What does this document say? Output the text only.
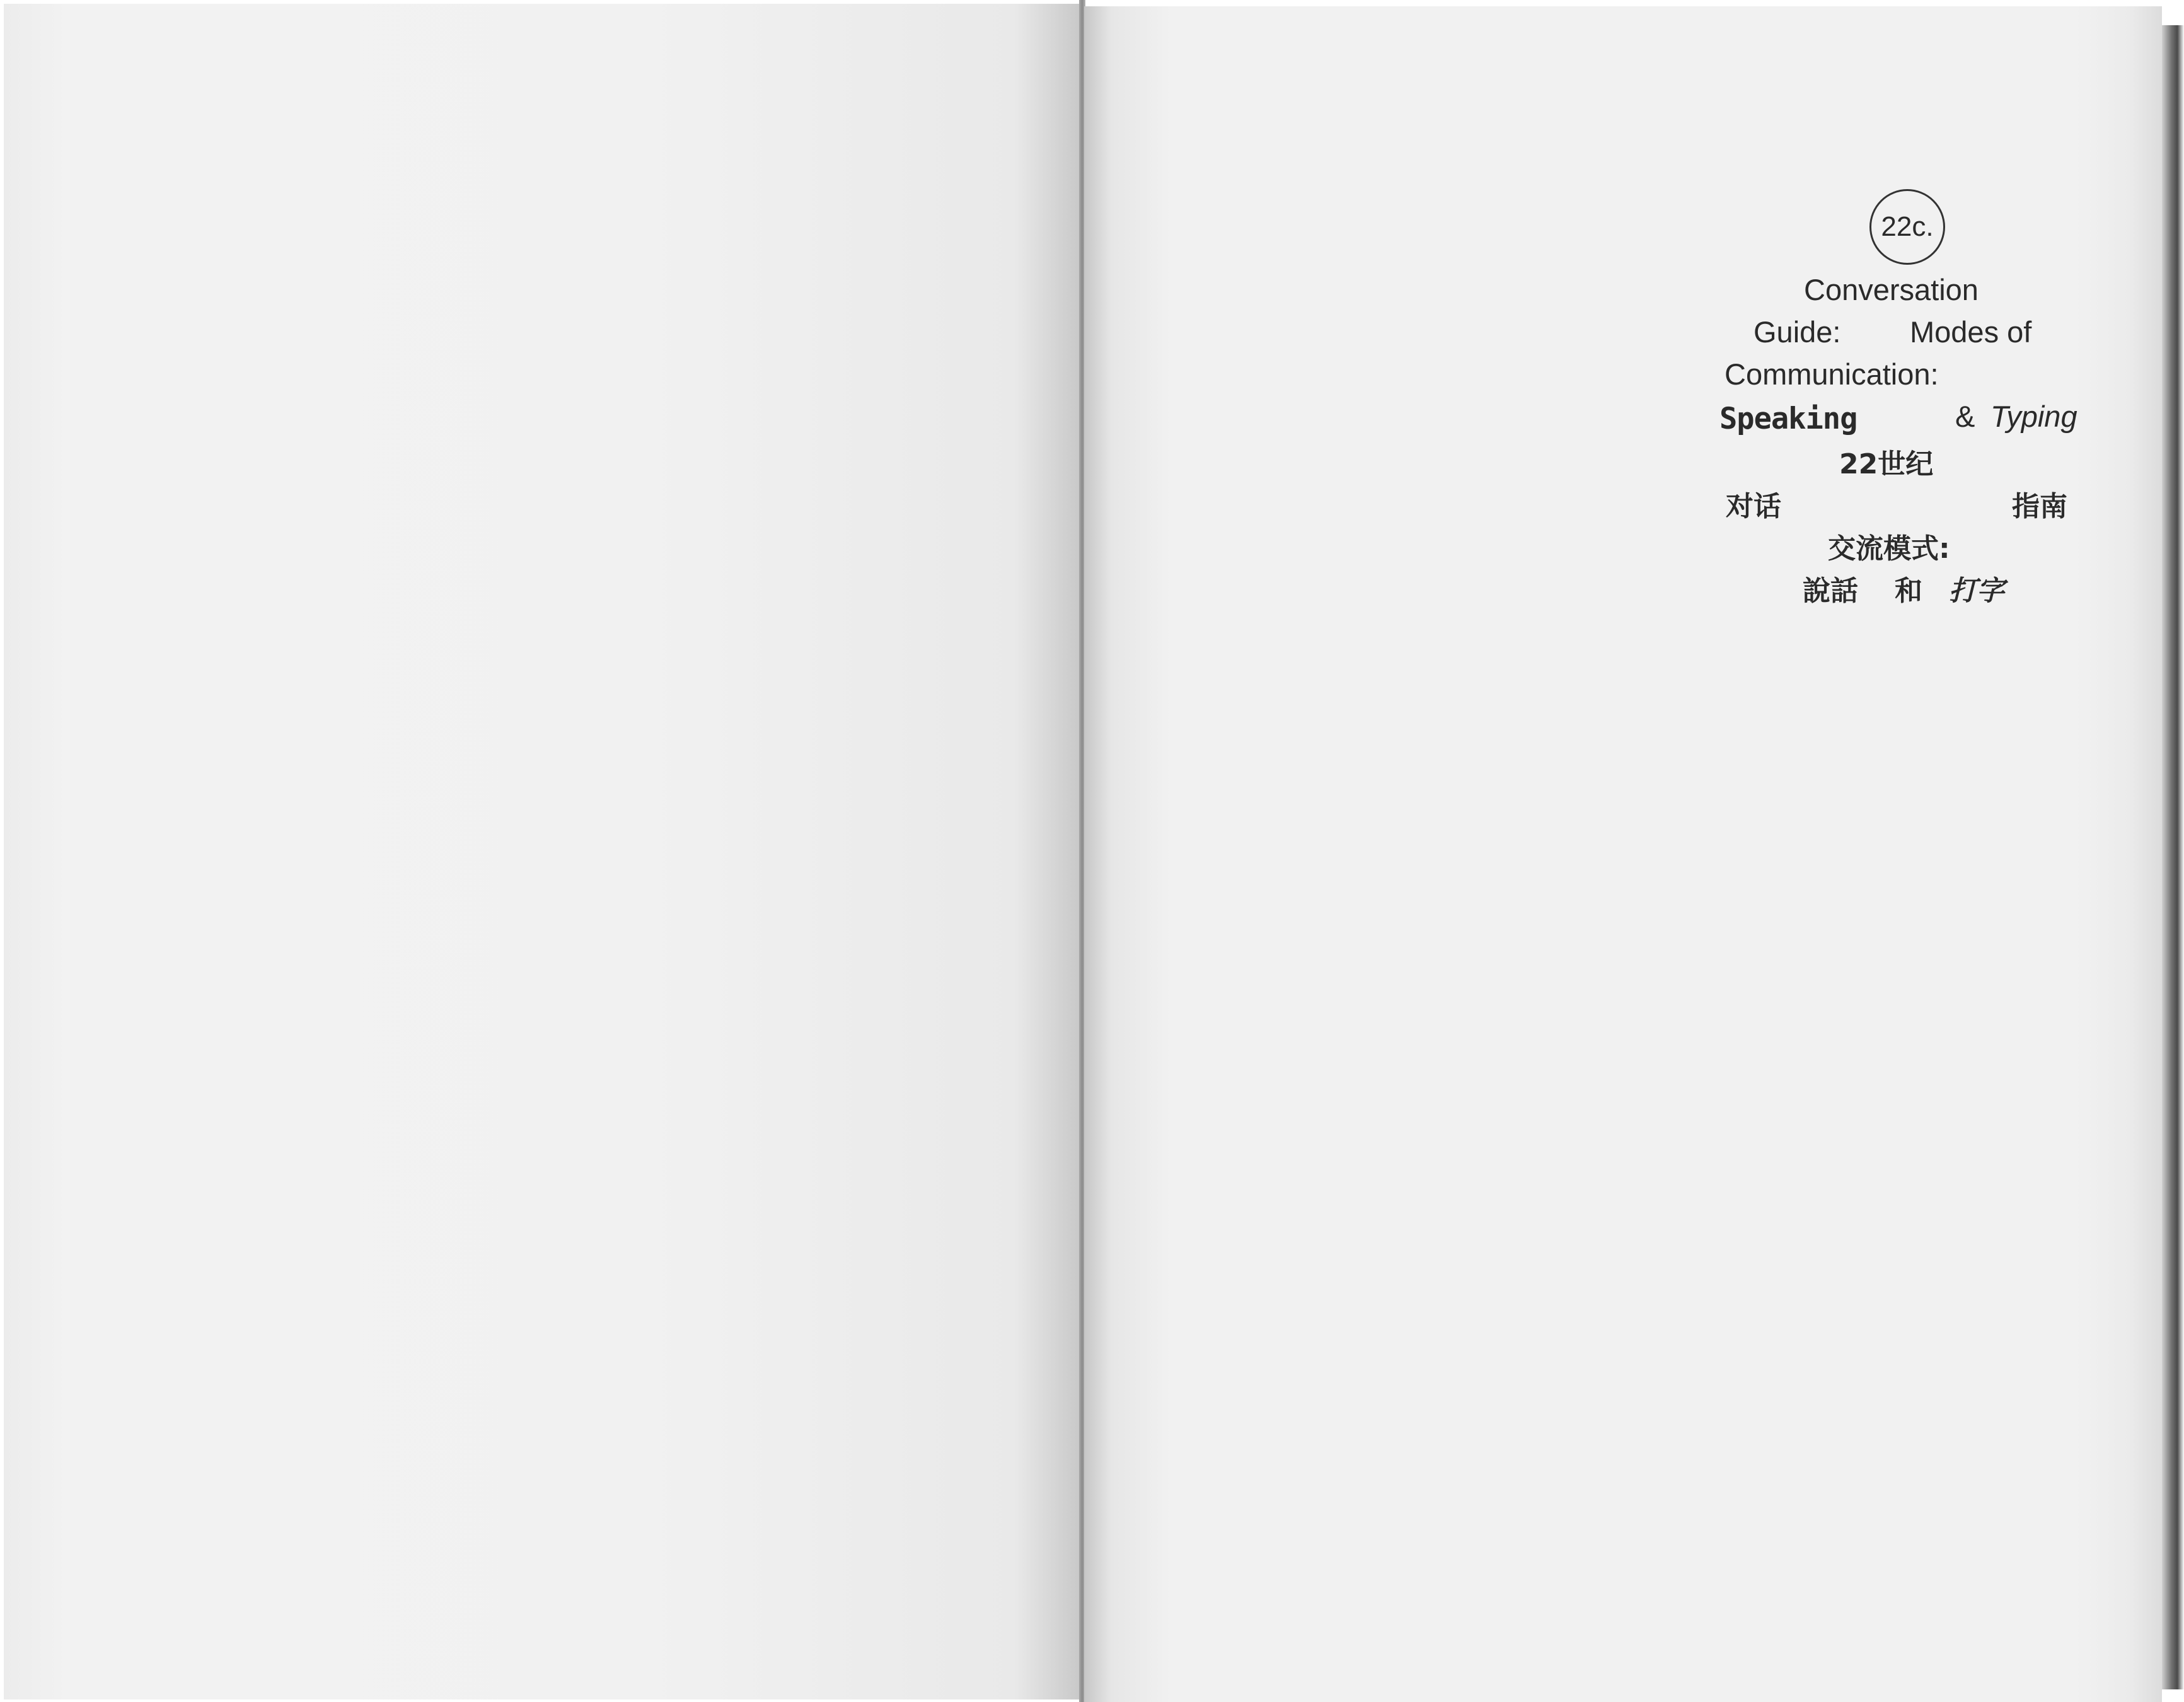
22c.
Conversation
Guide: Modes of
Communication:
Speaking	& Typing
22世纪
对话	指南
交流模式:
說話 和 打字
